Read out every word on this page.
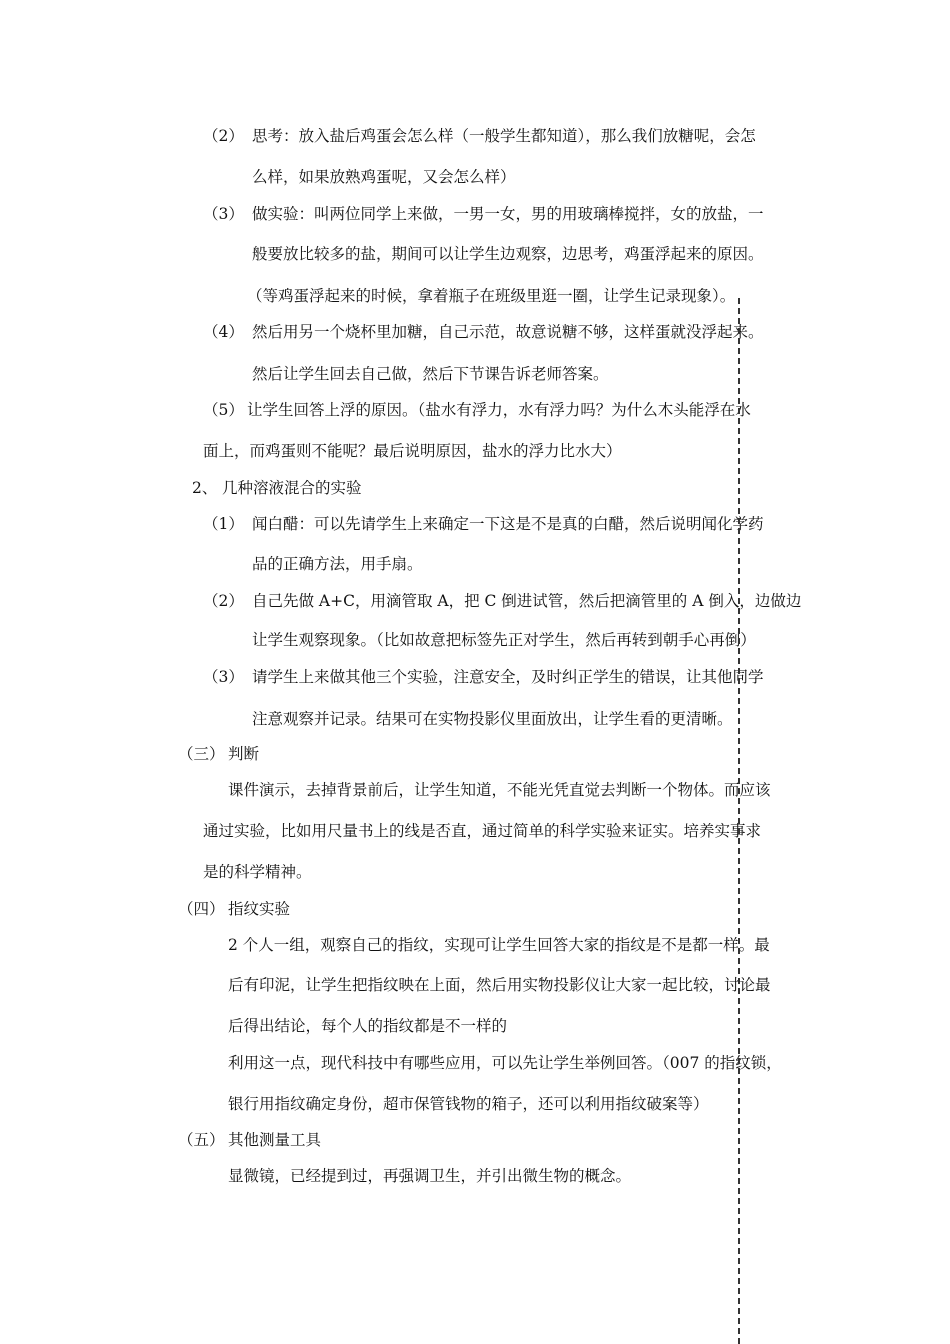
（2） 思考：放入盐后鸡蛋会怎么样（一般学生都知道），那么我们放糖呢，会怎
么样，如果放熟鸡蛋呢，又会怎么样）
（3） 做实验：叫两位同学上来做，一男一女，男的用玻璃棒搅拌，女的放盐，一
般要放比较多的盐，期间可以让学生边观察，边思考，鸡蛋浮起来的原因。
（等鸡蛋浮起来的时候，拿着瓶子在班级里逛一圈，让学生记录现象）。
（4） 然后用另一个烧杯里加糖，自己示范，故意说糖不够，这样蛋就没浮起来。
然后让学生回去自己做，然后下节课告诉老师答案。
（5） 让学生回答上浮的原因。（盐水有浮力，水有浮力吗？为什么木头能浮在水
面上，而鸡蛋则不能呢？最后说明原因，盐水的浮力比水大）
2、 几种溶液混合的实验
（1） 闻白醋：可以先请学生上来确定一下这是不是真的白醋，然后说明闻化学药
品的正确方法，用手扇。
（2） 自己先做 A+C，用滴管取 A，把 C 倒进试管，然后把滴管里的 A 倒入，边做边
让学生观察现象。（比如故意把标签先正对学生，然后再转到朝手心再倒）
（3） 请学生上来做其他三个实验，注意安全，及时纠正学生的错误，让其他同学
注意观察并记录。结果可在实物投影仪里面放出，让学生看的更清晰。
（三） 判断
课件演示，去掉背景前后，让学生知道，不能光凭直觉去判断一个物体。而应该
通过实验，比如用尺量书上的线是否直，通过简单的科学实验来证实。培养实事求
是的科学精神。
（四） 指纹实验
2 个人一组，观察自己的指纹，实现可让学生回答大家的指纹是不是都一样。最
后有印泥，让学生把指纹映在上面，然后用实物投影仪让大家一起比较，讨论最
后得出结论，每个人的指纹都是不一样的
利用这一点，现代科技中有哪些应用，可以先让学生举例回答。（007 的指纹锁，
银行用指纹确定身份，超市保管钱物的箱子，还可以利用指纹破案等）
（五） 其他测量工具
显微镜，已经提到过，再强调卫生，并引出微生物的概念。
